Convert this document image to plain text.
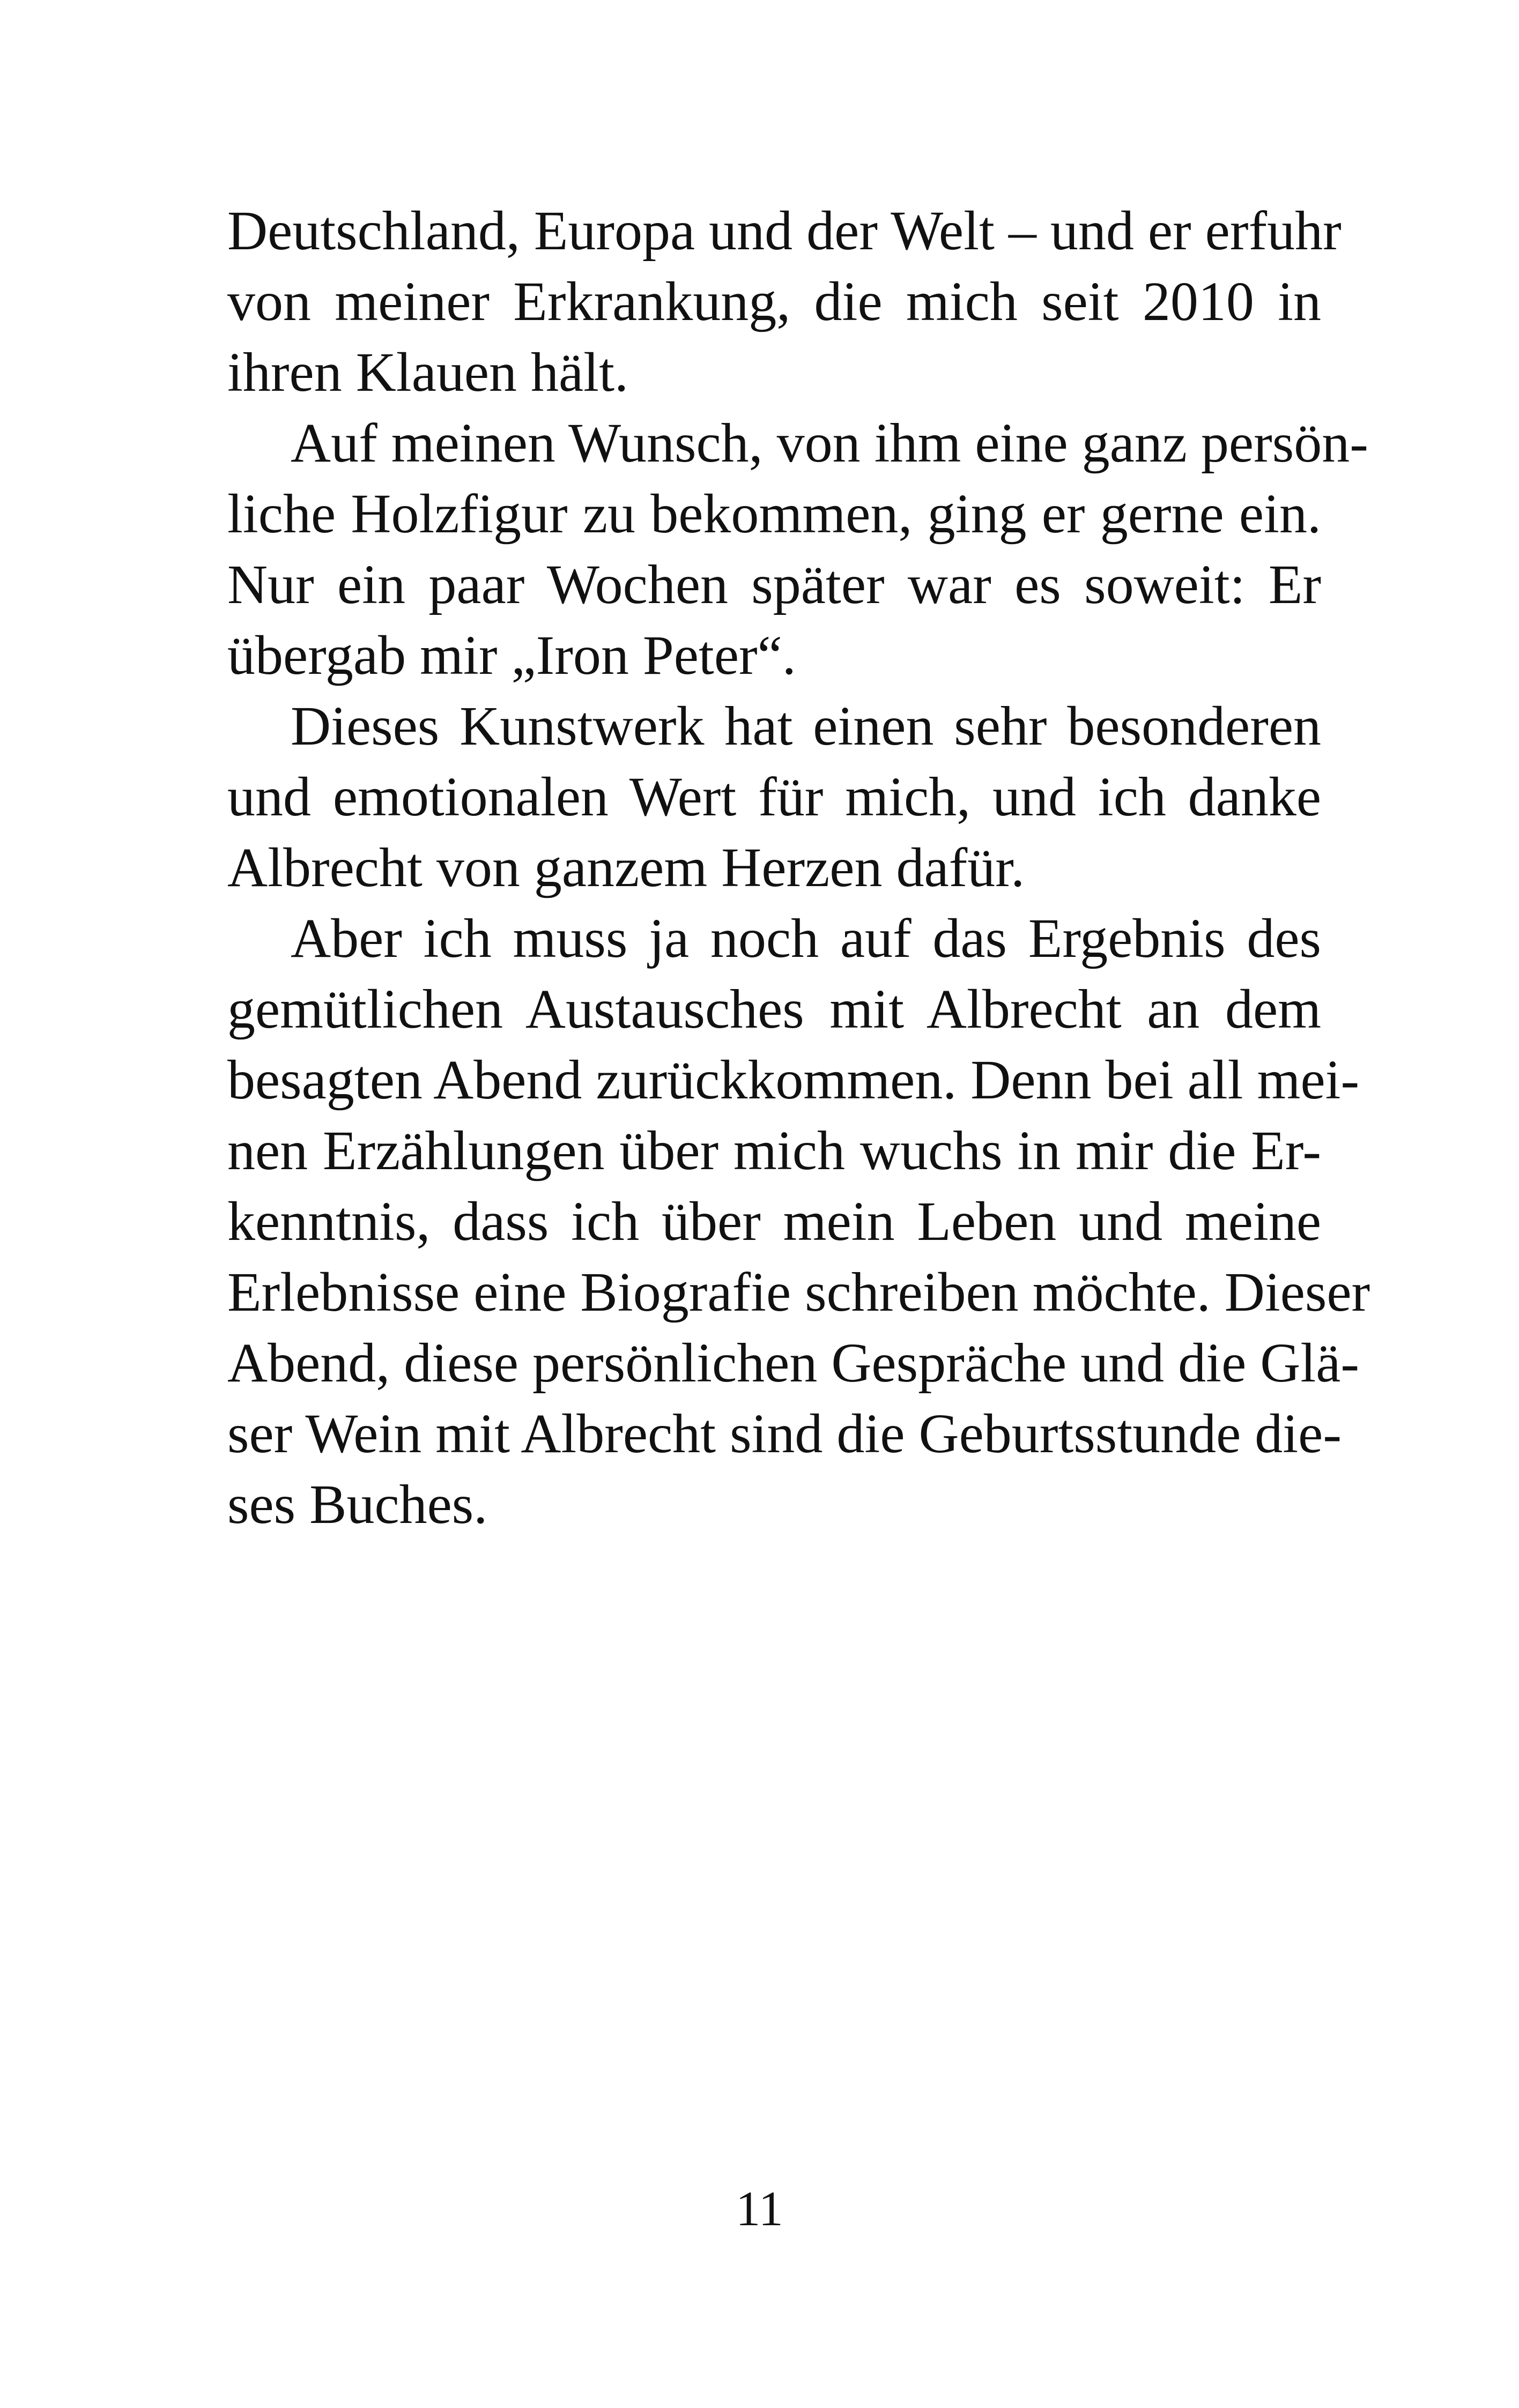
Deutschland, Europa und der Welt – und er erfuhr
von meiner Erkrankung, die mich seit 2010 in
ihren Klauen hält.
Auf meinen Wunsch, von ihm eine ganz persön-
liche Holzfigur zu bekommen, ging er gerne ein.
Nur ein paar Wochen später war es soweit: Er
übergab mir „Iron Peter“.
Dieses Kunstwerk hat einen sehr besonderen
und emotionalen Wert für mich, und ich danke
Albrecht von ganzem Herzen dafür.
Aber ich muss ja noch auf das Ergebnis des
gemütlichen Austausches mit Albrecht an dem
besagten Abend zurückkommen. Denn bei all mei-
nen Erzählungen über mich wuchs in mir die Er-
kenntnis, dass ich über mein Leben und meine
Erlebnisse eine Biografie schreiben möchte. Dieser
Abend, diese persönlichen Gespräche und die Glä-
ser Wein mit Albrecht sind die Geburtsstunde die-
ses Buches.
11
